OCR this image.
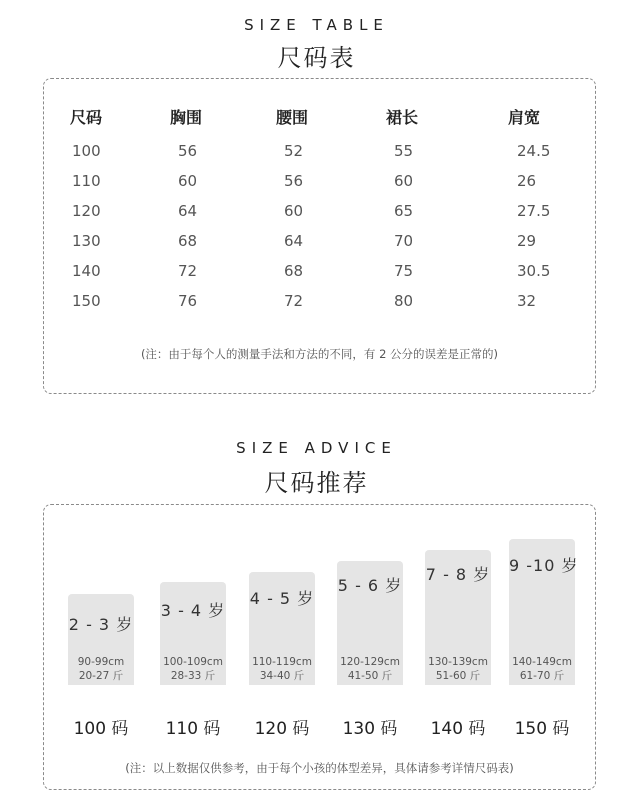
SIZE TABLE
尺码表
尺码	胸围	腰围	裙长	肩宽
100	56	52	55	24.5
110	60	56	60	26
120	64	60	65	27.5
130	68	64	70	29
140	72	68	75	30.5
150	76	72	80	32
(注：由于每个人的测量手法和方法的不同，有 2 公分的误差是正常的)
SIZE ADVICE
尺码推荐
2 - 3 岁
90-99cm
20-27 斤
100 码
3 - 4 岁
100-109cm
28-33 斤
110 码
4 - 5 岁
110-119cm
34-40 斤
120 码
5 - 6 岁
120-129cm
41-50 斤
130 码
7 - 8 岁
130-139cm
51-60 斤
140 码
9 -10 岁
140-149cm
61-70 斤
150 码
(注：以上数据仅供参考，由于每个小孩的体型差异，具体请参考详情尺码表)
